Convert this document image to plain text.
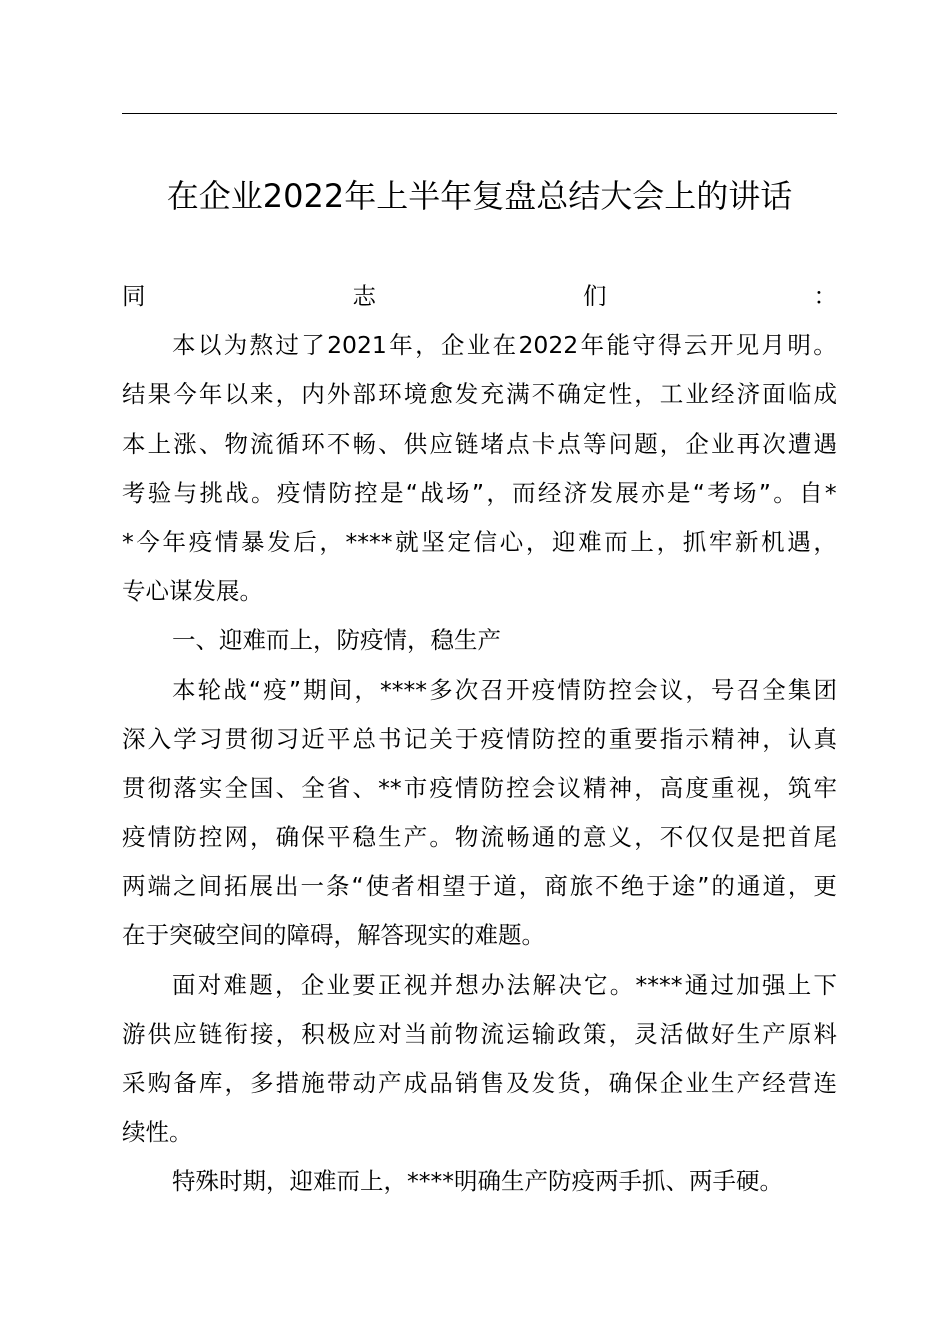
在企业2022年上半年复盘总结大会上的讲话
同	志	们	：
本 以 为 熬 过 了 2021 年 ， 企 业 在 2022 年 能 守 得 云 开 见 月 明 。
结 果 今 年 以 来 ， 内 外 部 环 境 愈 发 充 满 不 确 定 性 ， 工 业 经 济 面 临 成
本 上 涨 、 物 流 循 环 不 畅 、 供 应 链 堵 点 卡 点 等 问 题 ， 企 业 再 次 遭 遇
考 验 与 挑 战 。 疫 情 防 控 是 “ 战 场 ” ， 而 经 济 发 展 亦 是 “ 考 场 ” 。 自 *
* 今 年 疫 情 暴 发 后 ， **** 就 坚 定 信 心 ， 迎 难 而 上 ， 抓 牢 新 机 遇 ，
专心谋发展。
一、迎难而上，防疫情，稳生产
本 轮 战 “ 疫 ” 期 间 ， **** 多 次 召 开 疫 情 防 控 会 议 ， 号 召 全 集 团
深 入 学 习 贯 彻 习 近 平 总 书 记 关 于 疫 情 防 控 的 重 要 指 示 精 神 ， 认 真
贯 彻 落 实 全 国 、 全 省 、 ** 市 疫 情 防 控 会 议 精 神 ， 高 度 重 视 ， 筑 牢
疫 情 防 控 网 ， 确 保 平 稳 生 产 。 物 流 畅 通 的 意 义 ， 不 仅 仅 是 把 首 尾
两 端 之 间 拓 展 出 一 条 “ 使 者 相 望 于 道 ， 商 旅 不 绝 于 途 ” 的 通 道 ， 更
在于突破空间的障碍，解答现实的难题。
面 对 难 题 ， 企 业 要 正 视 并 想 办 法 解 决 它 。 **** 通 过 加 强 上 下
游 供 应 链 衔 接 ， 积 极 应 对 当 前 物 流 运 输 政 策 ， 灵 活 做 好 生 产 原 料
采 购 备 库 ， 多 措 施 带 动 产 成 品 销 售 及 发 货 ， 确 保 企 业 生 产 经 营 连
续性。
特殊时期，迎难而上，****明确生产防疫两手抓、两手硬。
